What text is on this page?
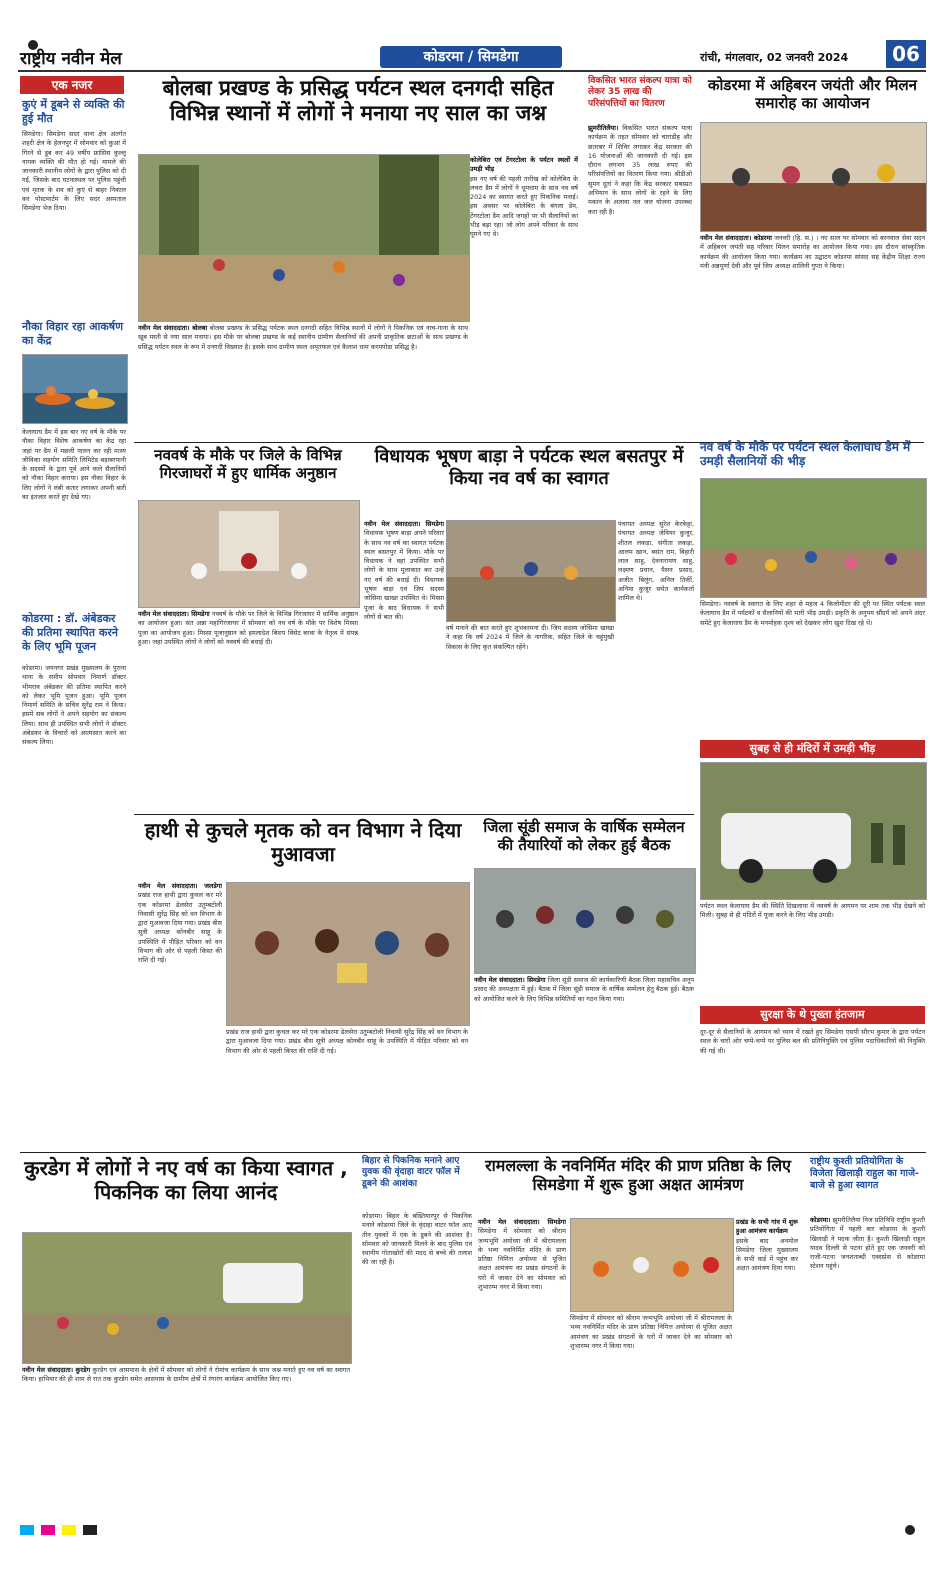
राष्ट्रीय नवीन मेल	कोडरमा / सिमडेगा	रांची, मंगलवार, 02 जनवरी 2024	06
एक नजर
कुएं में डूबने से व्यक्ति की हुई मौत
सिमडेगा। सिमडेगा सदर थाना क्षेत्र अंतर्गत शहरी क्षेत्र के हेलनपुर में सोमवार को कुआं में गिरने से डूब कर 49 वर्षीय फ्रांसिस कुल्लू नामक व्यक्ति की मौत हो गई। मामले की जानकारी स्थानीय लोगों के द्वारा पुलिस को दी गई, जिसके बाद घटनास्थल पर पुलिस पहुंची एवं मृतक के शव को कुएं से बाहर निकाल कर पोस्टमार्टम के लिए सदर अस्पताल सिमडेगा भेज दिया।
नौका विहार रहा आकर्षण का केंद्र
केलाघाघ डैम में इस बार नए वर्ष के मौके पर नौका विहार विशेष आकर्षण का केंद्र रहा जहां पर डैम में मछली पालन कर रही मत्स्य जीविका सहयोग समिति लिमिटेड बड़ाबरपानी के सदस्यों के द्वारा पूर्व आने वाले सैलानियों को नौका विहार कराया। इस नौका विहार के लिए लोगों ने लंबी कतार लगाकर अपनी बारी का इंतजार करते हुए देखे गए।
कोडरमा : डॉ. अंबेडकर की प्रतिमा स्थापित करने के लिए भूमि पूजन
कोडरमा। जयनगर प्रखंड मुख्यालय के पुराना थाना के समीप सोमवार निमार्ण डॉक्टर भीमराव अंबेडकर की प्रतिमा स्थापित करने को लेकर भूमि पूजन हुआ। भूमि पूजन निमार्ण समिति के सचिव सुरेंद्र राम ने किया। इसमें सब लोगों ने अपने सहयोग का संकल्प लिया। साथ ही उपस्थित सभी लोगों ने डॉक्टर अंबेडकर के विचारों को आत्मसात करने का संकल्प लिया।
बोलबा प्रखण्ड के प्रसिद्ध पर्यटन स्थल दनगदी सहित विभिन्न स्थानों में लोगों ने मनाया नए साल का जश्न
कोलेबिरा एवं टेंगरटोला के पर्यटन स्थलों में उमड़ी भीड़
इस नए वर्ष की पहली तारीख को कोलेबिरा के लचरा डैम में लोगों ने धूमधाम के साथ नव वर्ष 2024 का स्वागत करते हुए पिकनिक मनाई। इस अवसर पर कोलेबिरा के बंगला डेम, टेंगरटोला डैम आदि जगहों पर भी सैलानियों का भीड़ बढ़ा रहा। जो लोग अपने परिवार के साथ घूमने गए थे।
नवीन मेल संवाददाता। बोलबा बोलबा प्रखण्ड के प्रसिद्ध पर्यटक स्थल दनगदी सहित विभिन्न स्थानों में लोगों ने पिकनिक एवं नाच-गाना के साथ खूब मस्ती से नया साल मनाया। इस मौके पर बोलबा प्रखण्ड के कई स्थानीय ग्रामीण सैलानियों की अपनी प्राकृतिक छटाओं के साथ प्रखण्ड के प्रसिद्ध पर्यटन स्थल के रूप में दनगदी विख्यात है। इसके साथ ग्रामीण स्थल अमृतफल एवं कैलाश धाम करमपोडा प्रसिद्ध है।
विकसित भारत संकल्प यात्रा को लेकर 35 लाख की परिसंपत्तियों का वितरण
झुमरीतिलैया। विकसित भारत संकल्प यात्रा कार्यक्रम के तहत सोमवार को चाराडीह और छतरबर में शिविर लगाकर केंद्र सरकार की 16 योजनाओं की जानकारी दी गई। इस दौरान लगभग 35 लाख रुपए की परिसंपत्तियों का वितरण किया गया। श्रीडीओ सुमन दूतां ने कहा कि केंद्र सरकार सबस्प्रत अभियान के साथ लोगों के रहने के लिए मकान के अलावा नल जल योजना उपलब्ध करा रही है।
कोडरमा में अहिबरन जयंती और मिलन समारोह का आयोजन
नवीन मेल संवाददाता। कोडरमा जनवरी (हि. स.) । नए साल पर सोमवार को बरनवाल सेवा सदन में अहिबरन जयंती सह परिवार मिलन समारोह का आयोजन किया गया। इस दौरान सांस्कृतिक कार्यक्रम की आयोजन किया गया। कार्यक्रम का उद्घाटन कोडरमा सांसद सह केंद्रीय शिक्षा राज्य मंत्री अन्नपूर्णा देवी और पूर्व जिप अध्यक्ष शालिनी गुप्ता ने किया।
नववर्ष के मौके पर जिले के विभिन्न गिरजाघरों में हुए धार्मिक अनुष्ठान
नवीन मेल संवाददाता। सिमडेगा नववर्ष के मौके पर जिले के विभिन्न गिरजाघर में धार्मिक अनुष्ठान का आयोजन हुआ। संत अन्ना महागिरजाघर में सोमवार को नव वर्ष के मौके पर विशेष मिस्सा पूजा का आयोजन हुआ। मिस्सा पूजानुष्ठान को हमलादेश बिशप विंसेट बरवा के नेतृत्व में संपन्न हुआ। जहां उपस्थित लोगों ने लोगों को नववर्ष की बधाई दी।
विधायक भूषण बाड़ा ने पर्यटक स्थल बसतपुर में किया नव वर्ष का स्वागत
नवीन मेल संवाददाता। सिमडेगा विधायक भूषण बाड़ा अपने परिवार के साथ नव वर्ष का स्वागत पर्यटक स्थल बसतपुर में किया। मौके पर विधायक ने वहां उपस्थित सभी लोगों के साथ मुलाकात कर उन्हें नए वर्ष की बधाई दी। विधायक भूषण बाड़ा एवं जिप सदस्य जोसिमा खाखा उपस्थित थे। मिस्सा पूजा के बाद विधायक ने सभी लोगों से बात की।
पंचायत अध्यक्ष सुरेश केरकेट्टा, पंचायत अध्यक्ष जेवियर कुजूर, शीतल लकड़ा, संगीता लकड़ा, आलम खान, बसंत राम, बिहारी लाल साहु, देवनारायण साहु, लक्ष्मण प्रधान, पैसन प्रसाद, अजीत बिलुंग, अनिल तिर्की, अनिमा कुजूर समेत कार्यकर्ता शामिल थे।
वर्ष मनाने की बात करते हुए शुभकामना दी। जिप सदस्य जोसिमा खाखा ने कहा कि वर्ष 2024 में जिले के नागरिक, सहित जिले के चहुंमुखी विकास के लिए कृत संकल्पित रहेंगे।
नव वर्ष के मौके पर पर्यटन स्थल केलाघाघ डैम में उमड़ी सैलानियों की भीड़
सिमडेगा। नववर्ष के स्वागत के लिए शहर से महज 4 किलोमीटर की दूरी पर स्थित पर्यटक स्थल केलाघाघ डैम में पर्यटकों व सैलानियों की भारी भीड़ उमड़ी। प्रकृति के अनुपम सौंदर्य को अपने अंदर समेटे हुए केलाघाघ डैम के मनमोहक दृश्य को देखकर लोग खुश दिख रहे थे।
सुबह से ही मंदिरों में उमड़ी भीड़
पर्यटन स्थल केलाघाघ डैम की स्थिति दिखलाया में नववर्ष के आगमन पर शाम तक भीड़ देखने को मिली। सुबह से ही मंदिरों में पूजा करने के लिए भीड़ उमड़ी।
सुरक्षा के थे पुख्ता इंतजाम
दूर-दूर से सैलानियों के आगमन को ध्यान में रखते हुए सिमडेगा एसपी सौरभ कुमार के द्वारा पर्यटन स्थल के चारों ओर चप्पे-चप्पे पर पुलिस बल की प्रतिनियुक्ति एवं पुलिस पदाधिकारियों की नियुक्ति की गई थी।
हाथी से कुचले मृतक को वन विभाग ने दिया मुआवजा
नवीन मेल संवाददाता। जलडेगा प्रखंड राज हाथी द्वारा कुचल कर मरे एक कोडरमा ढेलसेरा उतुम्बटोली निवासी सुरेंद्र सिंह को वन विभाग के द्वारा मुआवजा दिया गया। प्रखंड बीस सूत्री अध्यक्ष कोनबीर साहू के उपस्थिति में पीड़ित परिवार को वन विभाग की ओर से पहली किस्त की राशि दी गई।
प्रखंड राज हाथी द्वारा कुचल कर मरे एक कोडरमा ढेलसेरा उतुम्बटोली निवासी सुरेंद्र सिंह को वन विभाग के द्वारा मुआवजा दिया गया। प्रखंड बीस सूत्री अध्यक्ष कोनबीर साहू के उपस्थिति में पीड़ित परिवार को वन विभाग की ओर से पहली किस्त की राशि दी गई।
जिला सूंडी समाज के वार्षिक सम्मेलन की तैयारियों को लेकर हुई बैठक
नवीन मेल संवाददाता। सिमडेगा जिला सूंडी समाज की कार्यकारिणी बैठक जिला महासचिव अनूप प्रसाद की अध्यक्षता में हुई। बैठक में जिला सूंडी समाज के वार्षिक सम्मेलन हेतु बैठक हुई। बैठक को आयोजित करने के लिए विभिन्न समितियों का गठन किया गया।
कुरडेग में लोगों ने नए वर्ष का किया स्वागत , पिकनिक का लिया आनंद
नवीन मेल संवाददाता। कुरडेग कुरडेग एवं आसपास के क्षेत्रों में सोमवार को लोगों ने रोमांच कार्यक्रम के साथ जश्न मनाते हुए नव वर्ष का स्वागत किया। हाथियार की ही शाम से रात तक कुरडेग समेत आसपास के ग्रामीण क्षेत्रों में रंगारंग कार्यक्रम आयोजित किए गए।
बिहार से पिकनिक मनाने आए युवक की वृंदाहा वाटर फॉल में डूबने की आशंका
कोडरमा। बिहार के बख्तियारपुर से पिकनिक मनाने कोडरमा जिले के वृंदाहा वाटर फॉल आए तीन युवकों में एक के डूबने की आशंका है। सोमवार को जानकारी मिलने के बाद पुलिस एवं स्थानीय गोताखोरों की मदद से बच्चे की तलाश की जा रही है।
रामलल्ला के नवनिर्मित मंदिर की प्राण प्रतिष्ठा के लिए सिमडेगा में शुरू हुआ अक्षत आमंत्रण
नवीन मेल संवाददाता। सिमडेगा सिमडेगा में सोमवार को श्रीराम जन्मभूमि अयोध्या जी में श्रीरामलला के भव्य नवनिर्मित मंदिर के प्राण प्रतिष्ठा निमित्त अयोध्या से पूजित अक्षत आमंत्रण का प्रखंड संगठनों के घरों में जाकर देने का सोमवार को शुभारम्भ नगर में किया गया।
सिमडेगा में सोमवार को श्रीराम जन्मभूमि अयोध्या जी में श्रीरामलला के भव्य नवनिर्मित मंदिर के प्राण प्रतिष्ठा निमित्त अयोध्या से पूजित अक्षत आमंत्रण का प्रखंड संगठनों के घरों में जाकर देने का सोमवार को शुभारम्भ नगर में किया गया।
प्रखंड के सभी गांव में शुरू हुआ आमंत्रण कार्यक्रम
इसके बाद अनमोल सिमडेगा जिला मुख्यालय के सभी वार्ड में पहुंच कर अक्षत आमंत्रण दिया गया।
राष्ट्रीय कुश्ती प्रतियोगिता के विजेता खिलाड़ी राहुल का गाजे-बाजे से हुआ स्वागत
कोडरमा। झुमरीतिलैया निज प्रतिनिधि राष्ट्रीय कुश्ती प्रतियोगिता में पहली बार कोडरमा के कुश्ती खिलाड़ी ने पदक जीता है। कुश्ती खिलाड़ी राहुल यादव दिल्ली से पटना होते हुए एक जनवरी को राजी-पटना जनशताब्दी एक्सप्रेस से कोडरमा स्टेशन पहुंचे।
